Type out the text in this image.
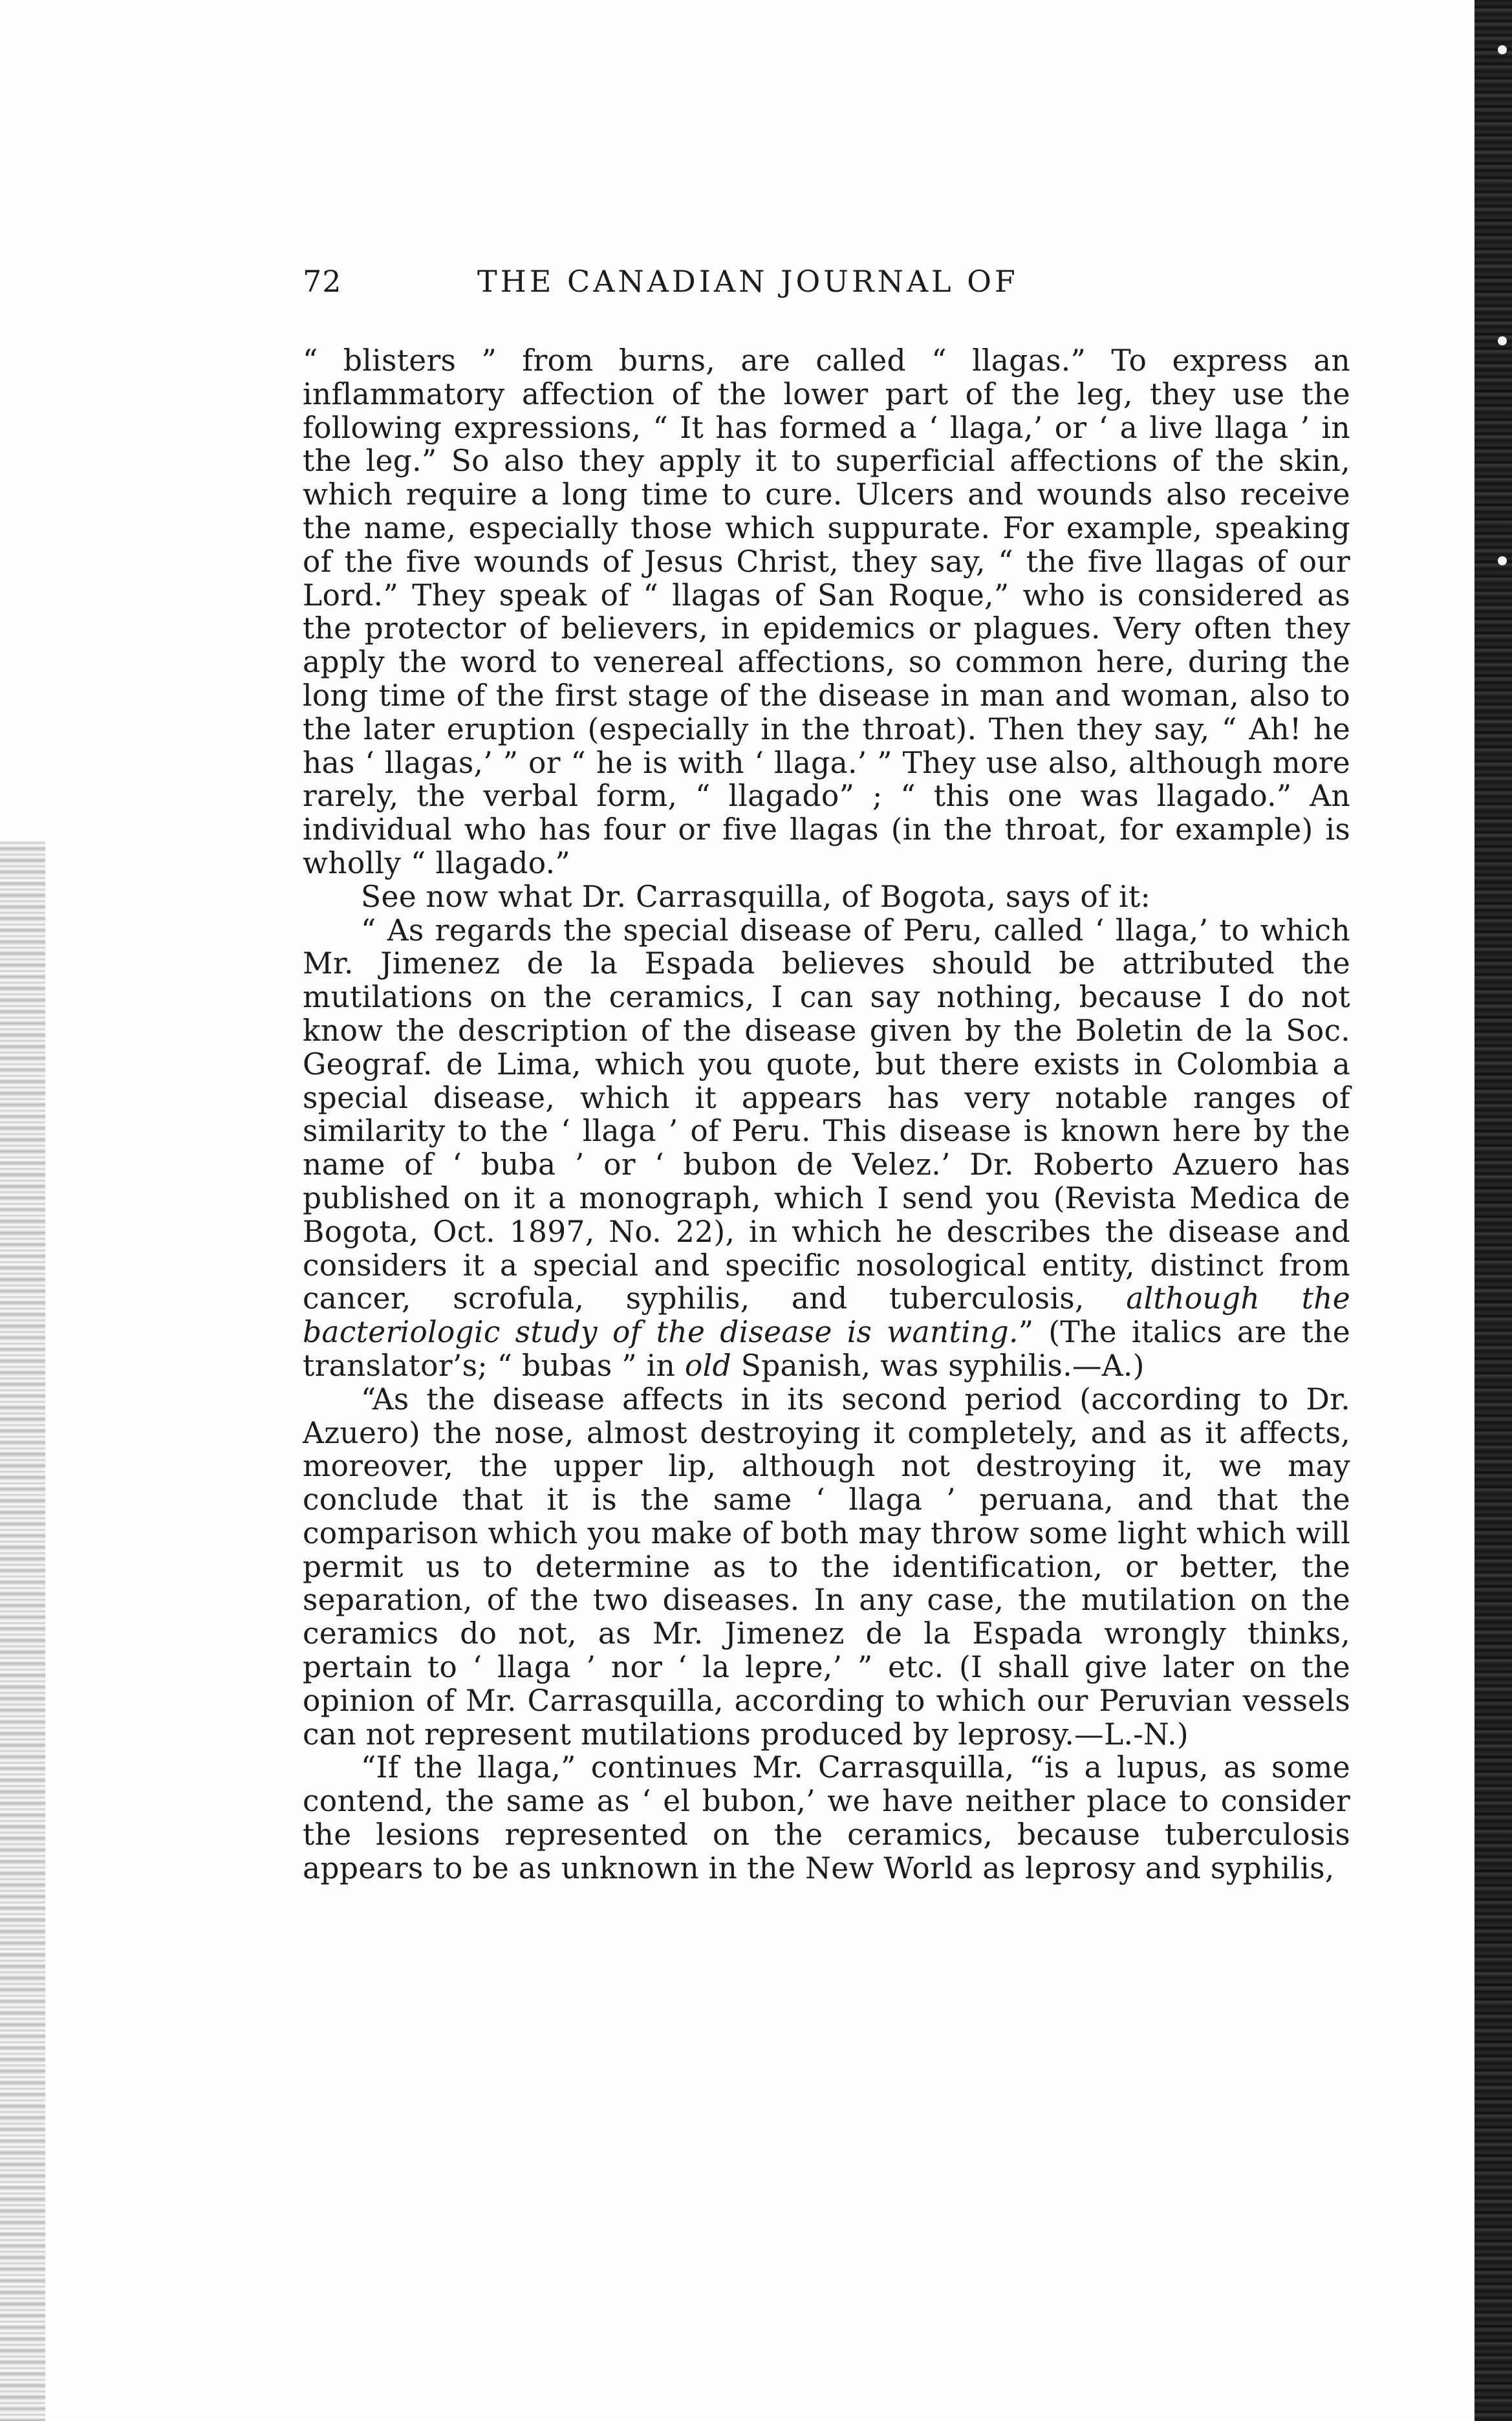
72	THE CANADIAN JOURNAL OF

“ blisters ” from burns, are called “ llagas.” To express an inflammatory affection of the lower part of the leg, they use the following expressions, “ It has formed a ‘ llaga,’ or ‘ a live llaga ’ in the leg.” So also they apply it to superficial affections of the skin, which require a long time to cure. Ulcers and wounds also receive the name, especially those which suppurate. For example, speaking of the five wounds of Jesus Christ, they say, “ the five llagas of our Lord.” They speak of “ llagas of San Roque,” who is considered as the protector of believers, in epidemics or plagues. Very often they apply the word to venereal affections, so common here, during the long time of the first stage of the disease in man and woman, also to the later eruption (especially in the throat). Then they say, “ Ah! he has ‘ llagas,’ ” or “ he is with ‘ llaga.’ ” They use also, although more rarely, the verbal form, “ llagado” ; “ this one was llagado.” An individual who has four or five llagas (in the throat, for example) is wholly “ llagado.”

See now what Dr. Carrasquilla, of Bogota, says of it:

“ As regards the special disease of Peru, called ‘ llaga,’ to which Mr. Jimenez de la Espada believes should be attributed the mutilations on the ceramics, I can say nothing, because I do not know the description of the disease given by the Boletin de la Soc. Geograf. de Lima, which you quote, but there exists in Colombia a special disease, which it appears has very notable ranges of similarity to the ‘ llaga ’ of Peru. This disease is known here by the name of ‘ buba ’ or ‘ bubon de Velez.’ Dr. Roberto Azuero has published on it a monograph, which I send you (Revista Medica de Bogota, Oct. 1897, No. 22), in which he describes the disease and considers it a special and specific nosological entity, distinct from cancer, scrofula, syphilis, and tuberculosis, although the bacteriologic study of the disease is wanting.” (The italics are the translator’s; “ bubas ” in old Spanish, was syphilis.—A.)

“As the disease affects in its second period (according to Dr. Azuero) the nose, almost destroying it completely, and as it affects, moreover, the upper lip, although not destroying it, we may conclude that it is the same ‘ llaga ’ peruana, and that the comparison which you make of both may throw some light which will permit us to determine as to the identification, or better, the separation, of the two diseases. In any case, the mutilation on the ceramics do not, as Mr. Jimenez de la Espada wrongly thinks, pertain to ‘ llaga ’ nor ‘ la lepre,’ ” etc. (I shall give later on the opinion of Mr. Carrasquilla, according to which our Peruvian vessels can not represent mutilations produced by leprosy.—L.-N.)

“If the llaga,” continues Mr. Carrasquilla, “is a lupus, as some contend, the same as ‘ el bubon,’ we have neither place to consider the lesions represented on the ceramics, because tuberculosis appears to be as unknown in the New World as leprosy and syphilis,
